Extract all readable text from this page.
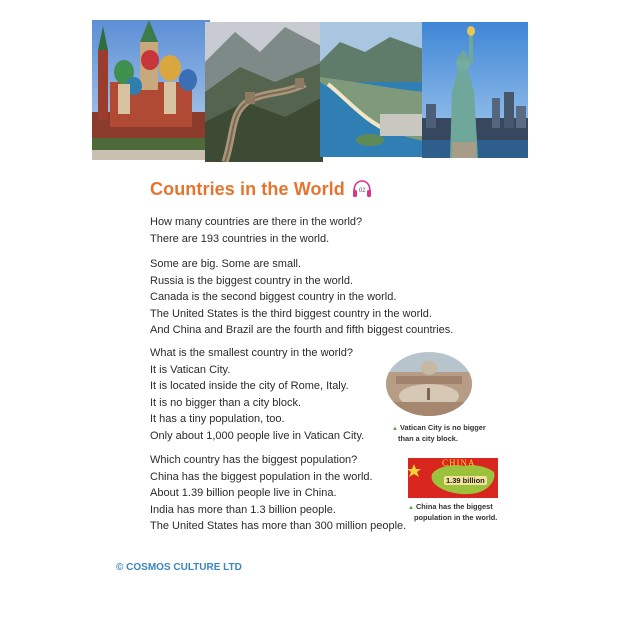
Countries in the World 02
How many countries are there in the world?
There are 193 countries in the world.
Some are big. Some are small.
Russia is the biggest country in the world.
Canada is the second biggest country in the world.
The United States is the third biggest country in the world.
And China and Brazil are the fourth and fifth biggest countries.
What is the smallest country in the world?
It is Vatican City.
It is located inside the city of Rome, Italy.
It is no bigger than a city block.
It has a tiny population, too.
Only about 1,000 people live in Vatican City.
Which country has the biggest population?
China has the biggest population in the world.
About 1.39 billion people live in China.
India has more than 1.3 billion people.
The United States has more than 300 million people.
▲ Vatican City is no bigger
than a city block.
CHINA
1.39 billion
▲ China has the biggest
population in the world.
© COSMOS CULTURE LTD
